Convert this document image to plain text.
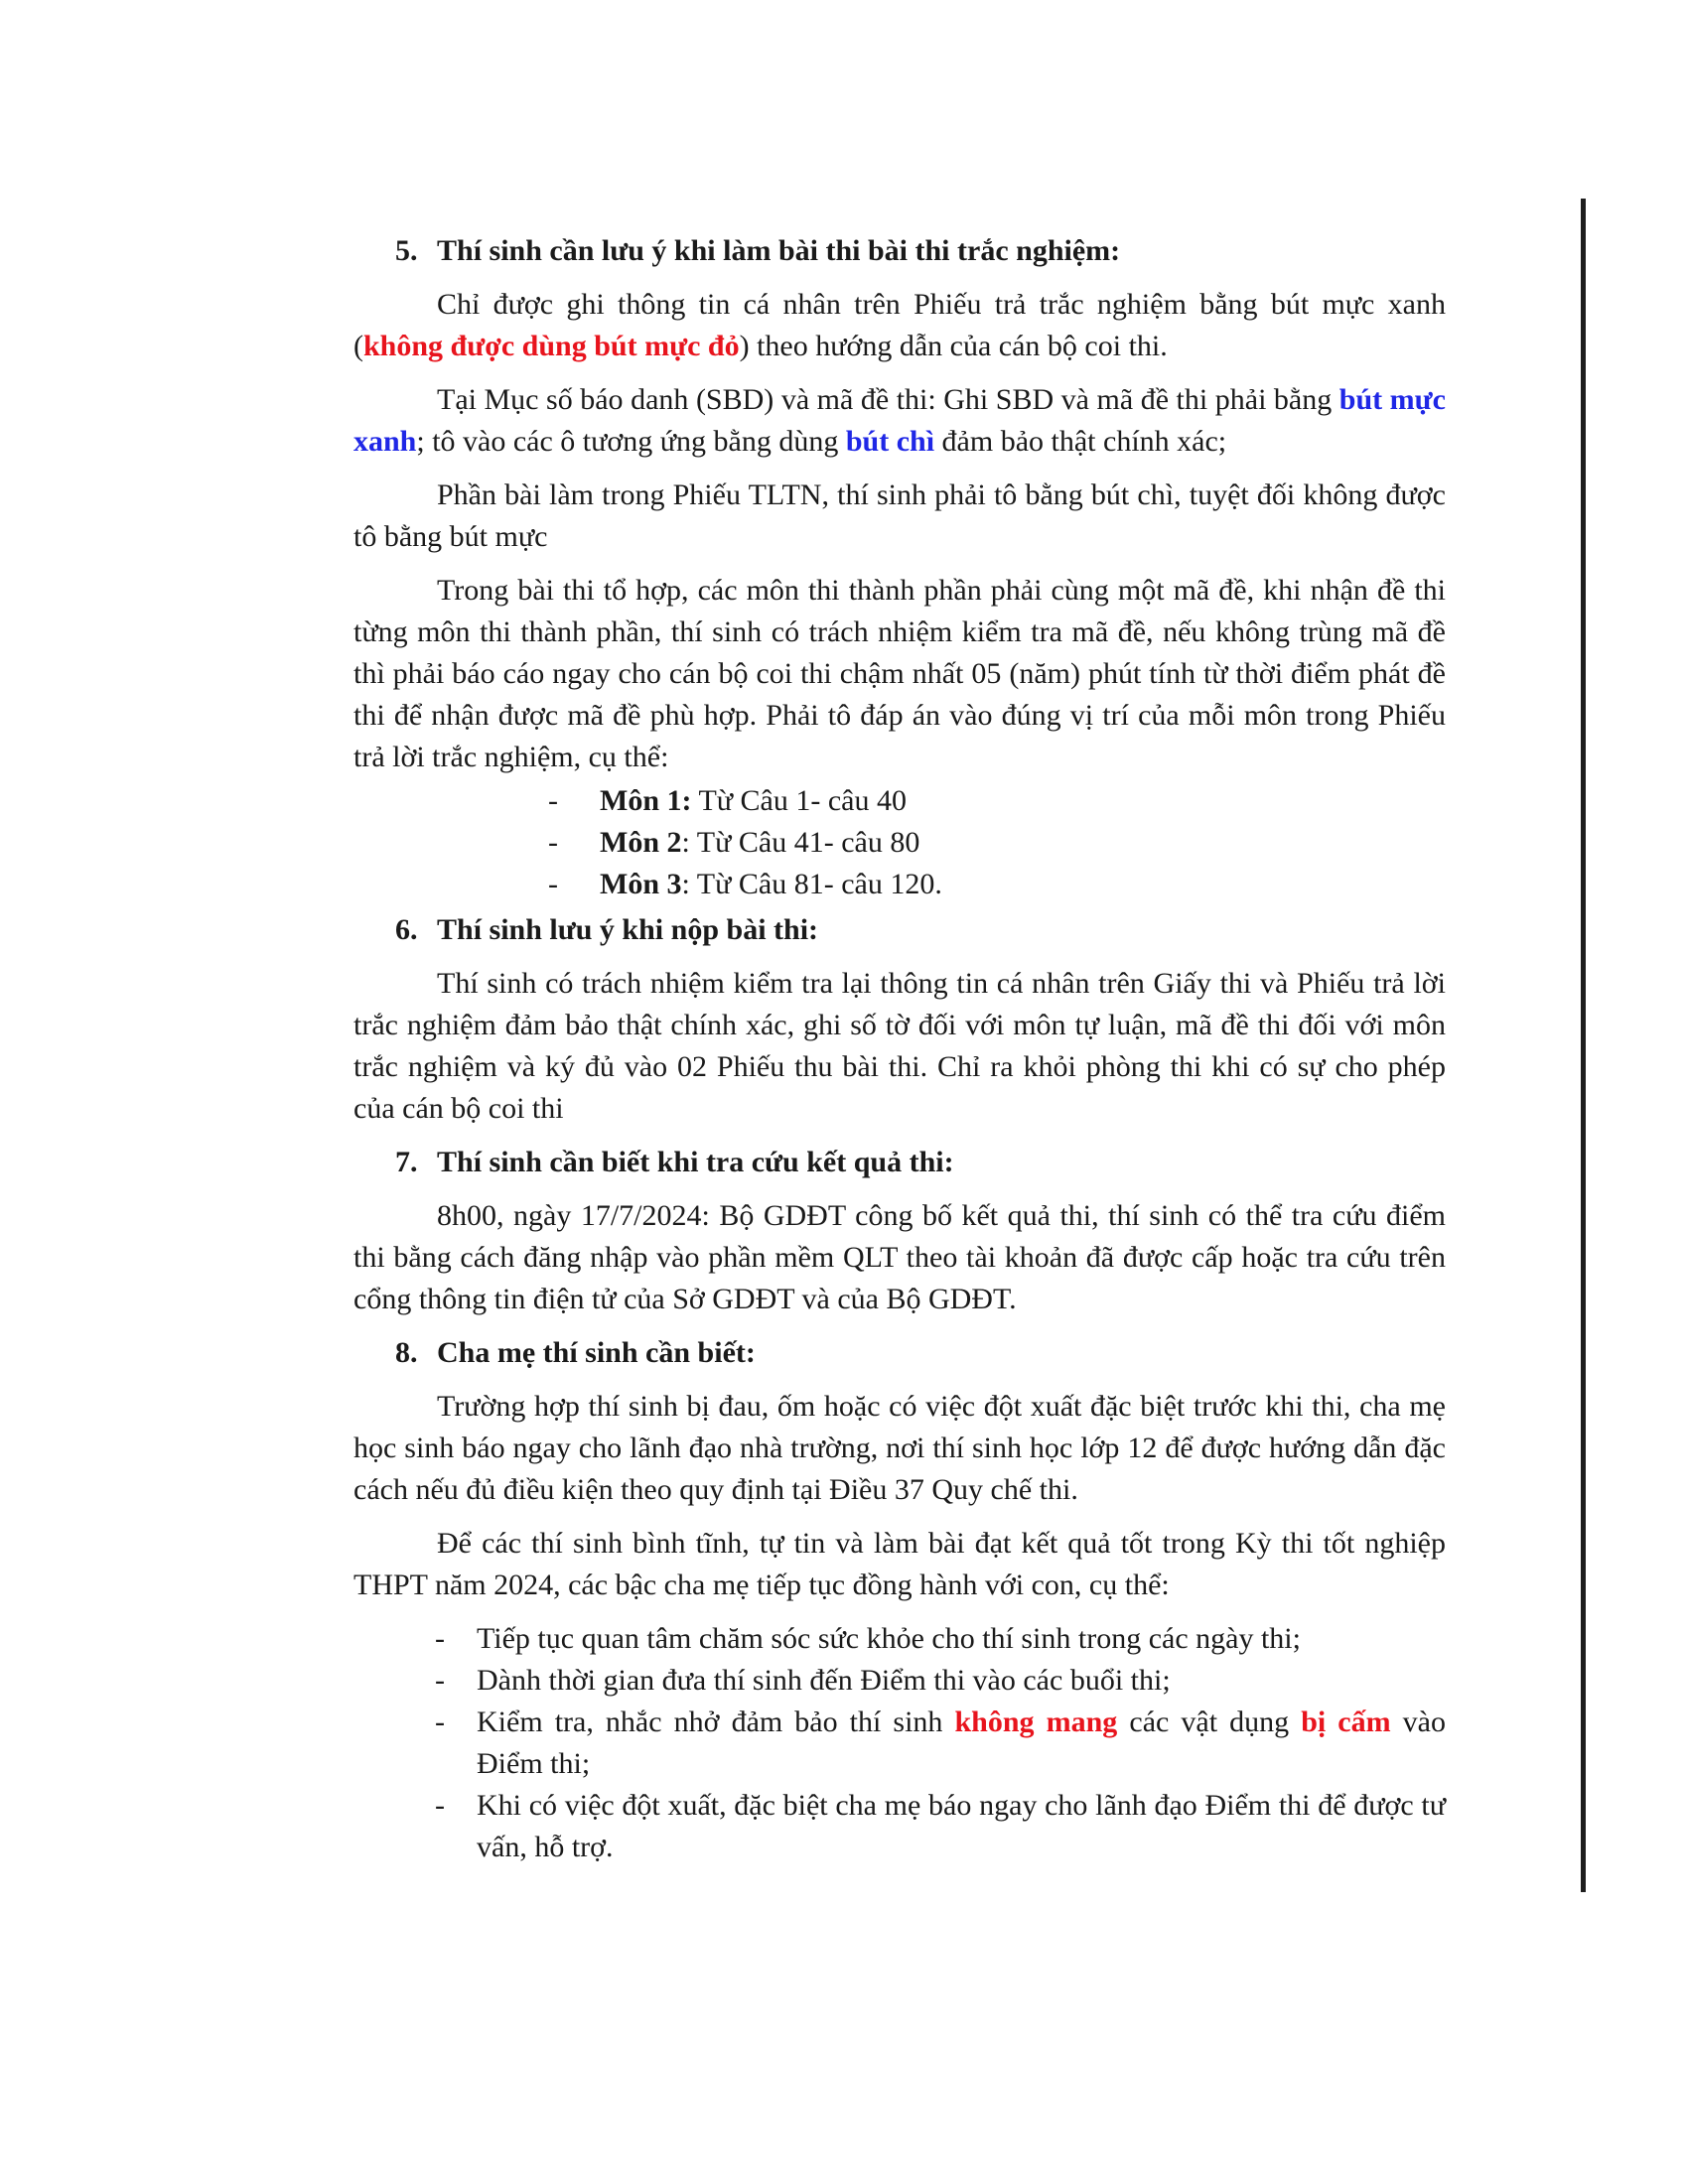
5. Thí sinh cần lưu ý khi làm bài thi bài thi trắc nghiệm:

Chỉ được ghi thông tin cá nhân trên Phiếu trả trắc nghiệm bằng bút mực xanh (không được dùng bút mực đỏ) theo hướng dẫn của cán bộ coi thi.

Tại Mục số báo danh (SBD) và mã đề thi: Ghi SBD và mã đề thi phải bằng bút mực xanh; tô vào các ô tương ứng bằng dùng bút chì đảm bảo thật chính xác;

Phần bài làm trong Phiếu TLTN, thí sinh phải tô bằng bút chì, tuyệt đối không được tô bằng bút mực

Trong bài thi tổ hợp, các môn thi thành phần phải cùng một mã đề, khi nhận đề thi từng môn thi thành phần, thí sinh có trách nhiệm kiểm tra mã đề, nếu không trùng mã đề thì phải báo cáo ngay cho cán bộ coi thi chậm nhất 05 (năm) phút tính từ thời điểm phát đề thi để nhận được mã đề phù hợp. Phải tô đáp án vào đúng vị trí của mỗi môn trong Phiếu trả lời trắc nghiệm, cụ thể:

- Môn 1: Từ Câu 1- câu 40
- Môn 2: Từ Câu 41- câu 80
- Môn 3: Từ Câu 81- câu 120.
6. Thí sinh lưu ý khi nộp bài thi:

Thí sinh có trách nhiệm kiểm tra lại thông tin cá nhân trên Giấy thi và Phiếu trả lời trắc nghiệm đảm bảo thật chính xác, ghi số tờ đối với môn tự luận, mã đề thi đối với môn trắc nghiệm và ký đủ vào 02 Phiếu thu bài thi. Chỉ ra khỏi phòng thi khi có sự cho phép của cán bộ coi thi

7. Thí sinh cần biết khi tra cứu kết quả thi:

8h00, ngày 17/7/2024: Bộ GDĐT công bố kết quả thi, thí sinh có thể tra cứu điểm thi bằng cách đăng nhập vào phần mềm QLT theo tài khoản đã được cấp hoặc tra cứu trên cổng thông tin điện tử của Sở GDĐT và của Bộ GDĐT.

8. Cha mẹ thí sinh cần biết:

Trường hợp thí sinh bị đau, ốm hoặc có việc đột xuất đặc biệt trước khi thi, cha mẹ học sinh báo ngay cho lãnh đạo nhà trường, nơi thí sinh học lớp 12 để được hướng dẫn đặc cách nếu đủ điều kiện theo quy định tại Điều 37 Quy chế thi.

Để các thí sinh bình tĩnh, tự tin và làm bài đạt kết quả tốt trong Kỳ thi tốt nghiệp THPT năm 2024, các bậc cha mẹ tiếp tục đồng hành với con, cụ thể:

- Tiếp tục quan tâm chăm sóc sức khỏe cho thí sinh trong các ngày thi;
- Dành thời gian đưa thí sinh đến Điểm thi vào các buổi thi;
- Kiểm tra, nhắc nhở đảm bảo thí sinh không mang các vật dụng bị cấm vào Điểm thi;
- Khi có việc đột xuất, đặc biệt cha mẹ báo ngay cho lãnh đạo Điểm thi để được tư vấn, hỗ trợ.
